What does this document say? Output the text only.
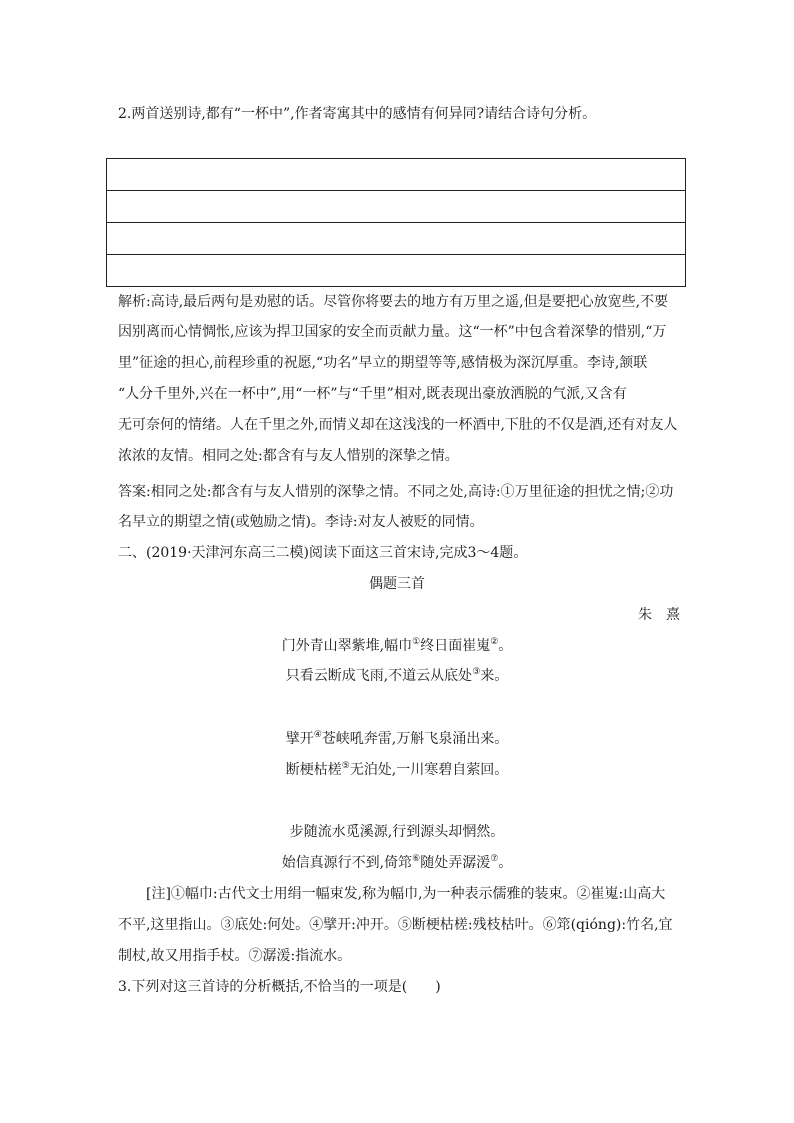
2.两首送别诗,都有“一杯中”,作者寄寓其中的感情有何异同?请结合诗句分析。

解析:高诗,最后两句是劝慰的话。尽管你将要去的地方有万里之遥,但是要把心放宽些,不要
因别离而心情惆怅,应该为捍卫国家的安全而贡献力量。这“一杯”中包含着深挚的惜别,“万
里”征途的担心,前程珍重的祝愿,“功名”早立的期望等等,感情极为深沉厚重。李诗,颔联
“人分千里外,兴在一杯中”,用“一杯”与“千里”相对,既表现出豪放洒脱的气派,又含有
无可奈何的情绪。人在千里之外,而情义却在这浅浅的一杯酒中,下肚的不仅是酒,还有对友人
浓浓的友情。相同之处:都含有与友人惜别的深挚之情。
答案:相同之处:都含有与友人惜别的深挚之情。不同之处,高诗:①万里征途的担忧之情;②功
名早立的期望之情(或勉励之情)。李诗:对友人被贬的同情。
二、(2019·天津河东高三二模)阅读下面这三首宋诗,完成3～4题。
偶题三首
朱　熹
门外青山翠紫堆,幅巾①终日面崔嵬②。
只看云断成飞雨,不道云从底处③来。
擘开④苍峡吼奔雷,万斛飞泉涌出来。
断梗枯槎⑤无泊处,一川寒碧自萦回。
步随流水觅溪源,行到源头却惘然。
始信真源行不到,倚筇⑥随处弄潺湲⑦。
[注]①幅巾:古代文士用绢一幅束发,称为幅巾,为一种表示儒雅的装束。②崔嵬:山高大
不平,这里指山。③底处:何处。④擘开:冲开。⑤断梗枯槎:残枝枯叶。⑥筇(qióng):竹名,宜
制杖,故又用指手杖。⑦潺湲:指流水。
3.下列对这三首诗的分析概括,不恰当的一项是(　　)
